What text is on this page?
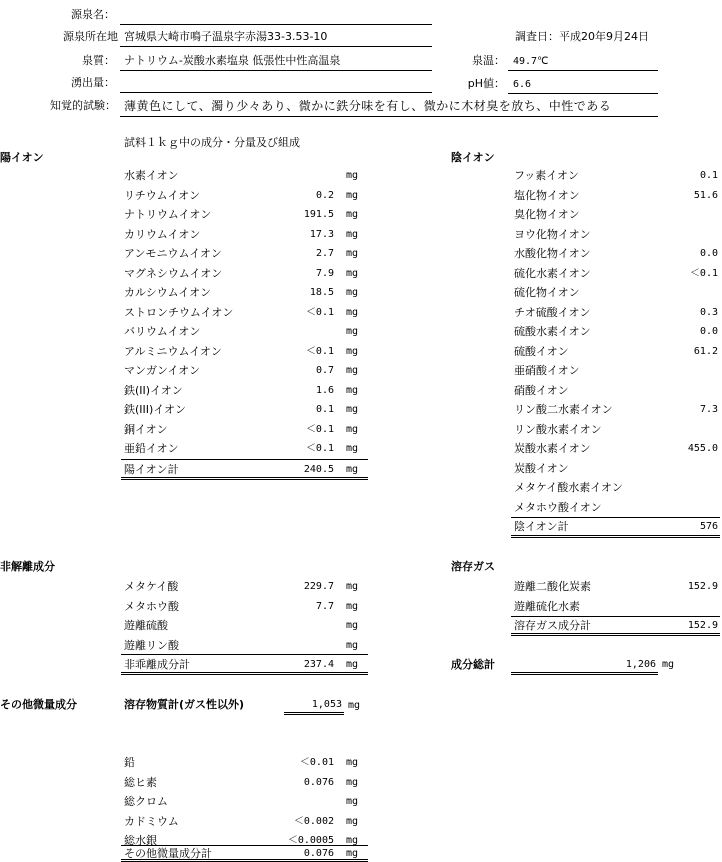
源泉名：
源泉所在地 宮城県大崎市鳴子温泉字赤湯33-3.53-10	調査日：平成20年9月24日
泉質： ナトリウム-炭酸水素塩泉 低張性中性高温泉	泉温： 49.7℃
湧出量：	pH値： 6.6
知覚的試験： 薄黄色にして、濁り少々あり、微かに鉄分味を有し、微かに木材臭を放ち、中性である
試料１ｋｇ中の成分・分量及び組成
陽イオン
水素イオン	mg
リチウムイオン	0.2 mg
ナトリウムイオン	191.5 mg
カリウムイオン	17.3 mg
アンモニウムイオン	2.7 mg
マグネシウムイオン	7.9 mg
カルシウムイオン	18.5 mg
ストロンチウムイオン	＜0.1 mg
バリウムイオン	mg
アルミニウムイオン	＜0.1 mg
マンガンイオン	0.7 mg
鉄(II)イオン	1.6 mg
鉄(III)イオン	0.1 mg
銅イオン	＜0.1 mg
亜鉛イオン	＜0.1 mg
陽イオン計	240.5 mg
陰イオン
フッ素イオン	0.1
塩化物イオン	51.6
臭化物イオン
ヨウ化物イオン
水酸化物イオン	0.0
硫化水素イオン	＜0.1
硫化物イオン
チオ硫酸イオン	0.3
硫酸水素イオン	0.0
硫酸イオン	61.2
亜硝酸イオン
硝酸イオン
リン酸二水素イオン	7.3
リン酸水素イオン
炭酸水素イオン	455.0
炭酸イオン
メタケイ酸水素イオン
メタホウ酸イオン
陰イオン計	576
非解離成分
メタケイ酸	229.7 mg
メタホウ酸	7.7 mg
遊離硫酸	mg
遊離リン酸	mg
非乖離成分計	237.4 mg
溶存ガス
遊離二酸化炭素	152.9
遊離硫化水素
溶存ガス成分計	152.9
成分総計	1,206 mg
その他微量成分	溶存物質計(ガス性以外)	1,053 mg
鉛	＜0.01 mg
総ヒ素	0.076 mg
総クロム	mg
カドミウム	＜0.002 mg
総水銀	＜0.0005 mg
その他微量成分計	0.076 mg
